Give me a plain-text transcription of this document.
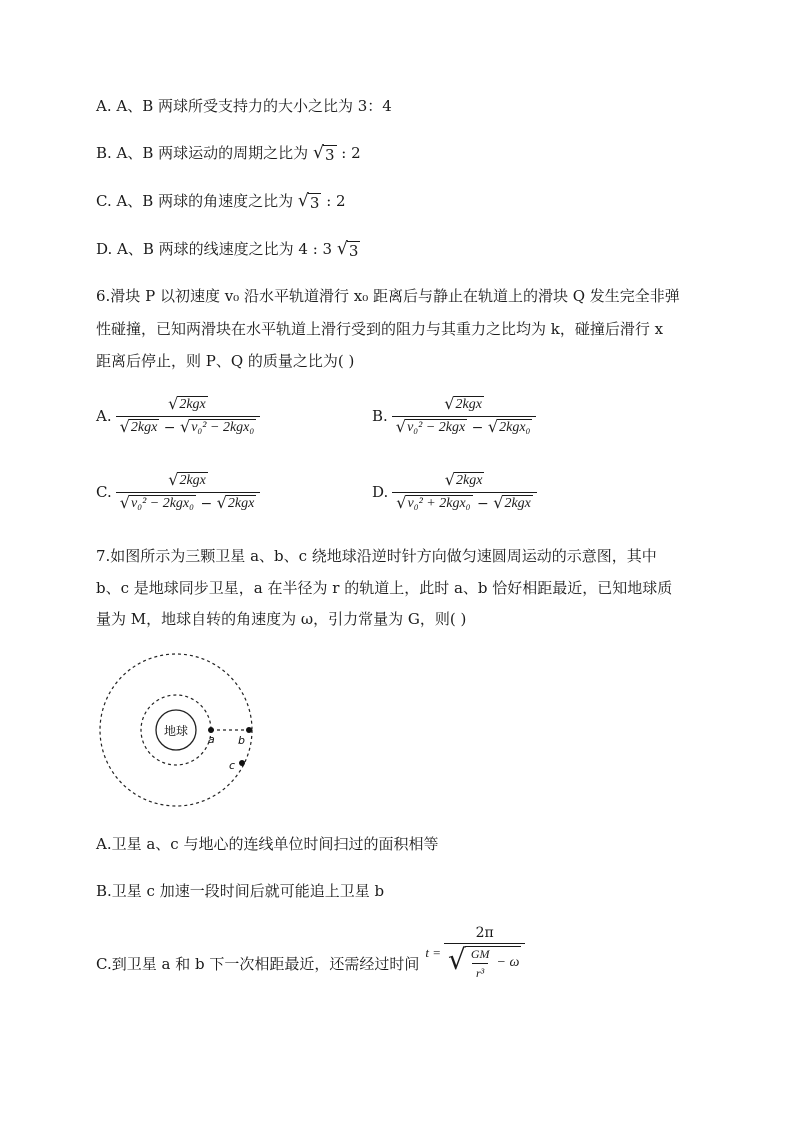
A. A、B 两球所受支持力的大小之比为 3：4
B. A、B 两球运动的周期之比为 √ 3 : 2
C. A、B 两球的角速度之比为 √ 3 : 2
D. A、B 两球的线速度之比为 4 : 3 √ 3
6.滑块 P 以初速度 v₀ 沿水平轨道滑行 x₀ 距离后与静止在轨道上的滑块 Q 发生完全非弹
性碰撞，已知两滑块在水平轨道上滑行受到的阻力与其重力之比均为 k，碰撞后滑行 x
距离后停止，则 P、Q 的质量之比为( )
A. $\frac{\text{√ 2kgx}}{\text{√ 2kgx − √ v₀² − 2kgx₀}}$	B. $\frac{\text{√ 2kgx}}{\text{√ v₀² − 2kgx − √ 2kgx₀}}$
C. $\frac{\text{√ 2kgx}}{\text{√ v₀² − 2kgx₀ − √ 2kgx}}$	D. $\frac{\text{√ 2kgx}}{\text{√ v₀² + 2kgx₀ − √ 2kgx}}$
7.如图所示为三颗卫星 a、b、c 绕地球沿逆时针方向做匀速圆周运动的示意图，其中
b、c 是地球同步卫星，a 在半径为 r 的轨道上，此时 a、b 恰好相距最近，已知地球质
量为 M，地球自转的角速度为 ω，引力常量为 G，则( )
地球
a b
c
A.卫星 a、c 与地心的连线单位时间扫过的面积相等
B.卫星 c 加速一段时间后就可能追上卫星 b
C.到卫星 a 和 b 下一次相距最近，还需经过时间
$t = \frac{2\pi}{√ \frac{GM}{\text{r³}} - \omega}$
